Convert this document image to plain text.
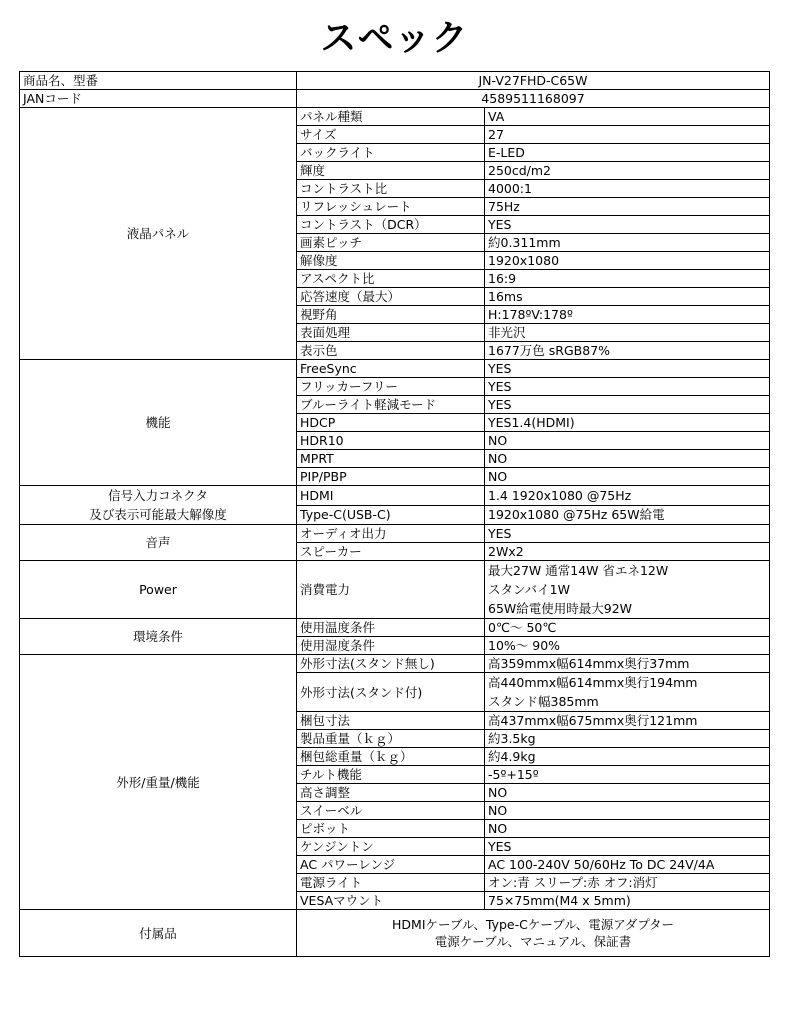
スペック
商品名、型番	JN-V27FHD-C65W	
JANコード	4589511168097	
液晶パネル	パネル種類	VA
	サイズ	27
	バックライト	E-LED
	輝度	250cd/m2
	コントラスト比	4000:1
	リフレッシュレート	75Hz
	コントラスト（DCR）	YES
	画素ピッチ	約0.311mm
	解像度	1920x1080
	アスペクト比	16:9
	応答速度（最大）	16ms
	視野角	H:178ºV:178º
	表面処理	非光沢
	表示色	1677万色 sRGB87%
機能	FreeSync	YES
	フリッカーフリー	YES
	ブルーライト軽減モード	YES
	HDCP	YES1.4(HDMI)
	HDR10	NO
	MPRT	NO
	PIP/PBP	NO

信号入力コネクタ
及び表示可能最大解像度	HDMI	1.4 1920x1080 @75Hz
	Type-C(USB-C)	1920x1080 @75Hz 65W給電
音声	オーディオ出力	YES
	スピーカー	2Wx2
Power	消費電力	最大27W 通常14W 省エネ12W
スタンバイ1W
65W給電使用時最大92W

環境条件	使用温度条件	0℃～ 50℃
	使用湿度条件	10%～ 90%
外形/重量/機能	外形寸法(スタンド無し)	高359mmx幅614mmx奥行37mm
	外形寸法(スタンド付)	高440mmx幅614mmx奥行194mm
スタンド幅385mm

	梱包寸法	高437mmx幅675mmx奥行121mm
	製品重量（ｋｇ）	約3.5kg
	梱包総重量（ｋｇ）	約4.9kg
	チルト機能	-5º+15º
	高さ調整	NO
	スイーベル	NO
	ピボット	NO
	ケンジントン	YES
	AC パワーレンジ	AC 100-240V 50/60Hz To DC 24V/4A
	電源ライト	オン:青 スリープ:赤 オフ:消灯
	VESAマウント	75×75mm(M4 x 5mm)
付属品	HDMIケーブル、Type-Cケーブル、電源アダプター
電源ケーブル、マニュアル、保証書	
